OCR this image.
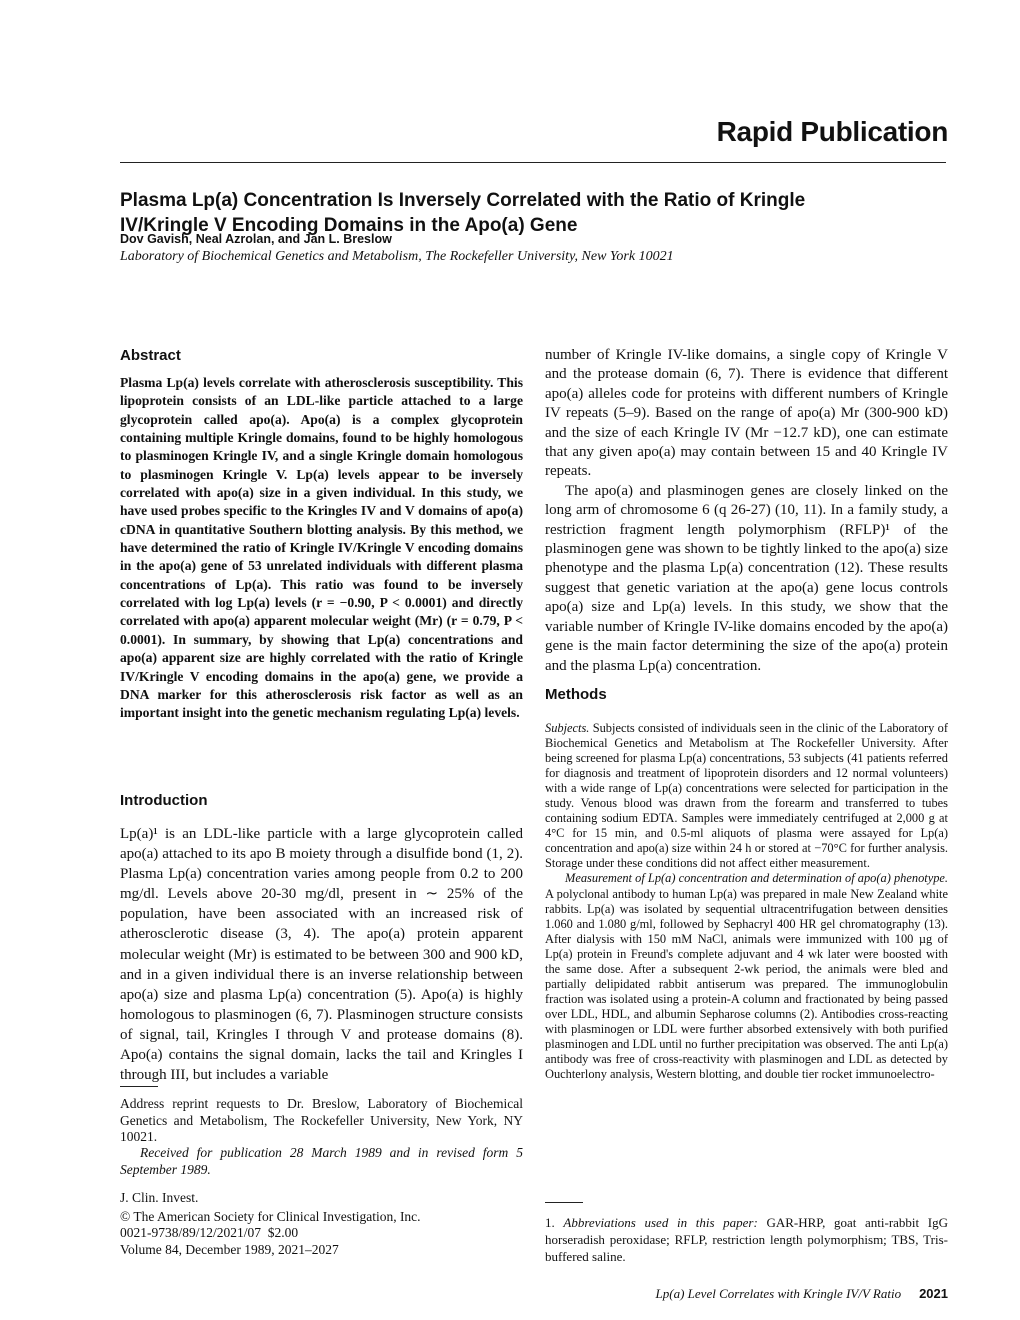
Rapid Publication
Plasma Lp(a) Concentration Is Inversely Correlated with the Ratio of Kringle IV/Kringle V Encoding Domains in the Apo(a) Gene
Dov Gavish, Neal Azrolan, and Jan L. Breslow
Laboratory of Biochemical Genetics and Metabolism, The Rockefeller University, New York 10021
Abstract
Plasma Lp(a) levels correlate with atherosclerosis susceptibility. This lipoprotein consists of an LDL-like particle attached to a large glycoprotein called apo(a). Apo(a) is a complex glycoprotein containing multiple Kringle domains, found to be highly homologous to plasminogen Kringle IV, and a single Kringle domain homologous to plasminogen Kringle V. Lp(a) levels appear to be inversely correlated with apo(a) size in a given individual. In this study, we have used probes specific to the Kringles IV and V domains of apo(a) cDNA in quantitative Southern blotting analysis. By this method, we have determined the ratio of Kringle IV/Kringle V encoding domains in the apo(a) gene of 53 unrelated individuals with different plasma concentrations of Lp(a). This ratio was found to be inversely correlated with log Lp(a) levels (r = −0.90, P < 0.0001) and directly correlated with apo(a) apparent molecular weight (Mr) (r = 0.79, P < 0.0001). In summary, by showing that Lp(a) concentrations and apo(a) apparent size are highly correlated with the ratio of Kringle IV/Kringle V encoding domains in the apo(a) gene, we provide a DNA marker for this atherosclerosis risk factor as well as an important insight into the genetic mechanism regulating Lp(a) levels.
Introduction
Lp(a)¹ is an LDL-like particle with a large glycoprotein called apo(a) attached to its apo B moiety through a disulfide bond (1, 2). Plasma Lp(a) concentration varies among people from 0.2 to 200 mg/dl. Levels above 20-30 mg/dl, present in ∼ 25% of the population, have been associated with an increased risk of atherosclerotic disease (3, 4). The apo(a) protein apparent molecular weight (Mr) is estimated to be between 300 and 900 kD, and in a given individual there is an inverse relationship between apo(a) size and plasma Lp(a) concentration (5). Apo(a) is highly homologous to plasminogen (6, 7). Plasminogen structure consists of signal, tail, Kringles I through V and protease domains (8). Apo(a) contains the signal domain, lacks the tail and Kringles I through III, but includes a variable
Address reprint requests to Dr. Breslow, Laboratory of Biochemical Genetics and Metabolism, The Rockefeller University, New York, NY 10021.
Received for publication 28 March 1989 and in revised form 5 September 1989.
J. Clin. Invest.
© The American Society for Clinical Investigation, Inc.
0021-9738/89/12/2021/07  $2.00
Volume 84, December 1989, 2021–2027
number of Kringle IV-like domains, a single copy of Kringle V and the protease domain (6, 7). There is evidence that different apo(a) alleles code for proteins with different numbers of Kringle IV repeats (5–9). Based on the range of apo(a) Mr (300-900 kD) and the size of each Kringle IV (Mr −12.7 kD), one can estimate that any given apo(a) may contain between 15 and 40 Kringle IV repeats.
The apo(a) and plasminogen genes are closely linked on the long arm of chromosome 6 (q 26-27) (10, 11). In a family study, a restriction fragment length polymorphism (RFLP)¹ of the plasminogen gene was shown to be tightly linked to the apo(a) size phenotype and the plasma Lp(a) concentration (12). These results suggest that genetic variation at the apo(a) gene locus controls apo(a) size and Lp(a) levels. In this study, we show that the variable number of Kringle IV-like domains encoded by the apo(a) gene is the main factor determining the size of the apo(a) protein and the plasma Lp(a) concentration.
Methods

Subjects. Subjects consisted of individuals seen in the clinic of the Laboratory of Biochemical Genetics and Metabolism at The Rockefeller University. After being screened for plasma Lp(a) concentrations, 53 subjects (41 patients referred for diagnosis and treatment of lipoprotein disorders and 12 normal volunteers) with a wide range of Lp(a) concentrations were selected for participation in the study. Venous blood was drawn from the forearm and transferred to tubes containing sodium EDTA. Samples were immediately centrifuged at 2,000 g at 4°C for 15 min, and 0.5-ml aliquots of plasma were assayed for Lp(a) concentration and apo(a) size within 24 h or stored at −70°C for further analysis. Storage under these conditions did not affect either measurement.

Measurement of Lp(a) concentration and determination of apo(a) phenotype. A polyclonal antibody to human Lp(a) was prepared in male New Zealand white rabbits. Lp(a) was isolated by sequential ultracentrifugation between densities 1.060 and 1.080 g/ml, followed by Sephacryl 400 HR gel chromatography (13). After dialysis with 150 mM NaCl, animals were immunized with 100 µg of Lp(a) protein in Freund's complete adjuvant and 4 wk later were boosted with the same dose. After a subsequent 2-wk period, the animals were bled and partially delipidated rabbit antiserum was prepared. The immunoglobulin fraction was isolated using a protein-A column and fractionated by being passed over LDL, HDL, and albumin Sepharose columns (2). Antibodies cross-reacting with plasminogen or LDL were further absorbed extensively with both purified plasminogen and LDL until no further precipitation was observed. The anti Lp(a) antibody was free of cross-reactivity with plasminogen and LDL as detected by Ouchterlony analysis, Western blotting, and double tier rocket immunoelectro-

1. Abbreviations used in this paper: GAR-HRP, goat anti-rabbit IgG horseradish peroxidase; RFLP, restriction length polymorphism; TBS, Tris-buffered saline.
Lp(a) Level Correlates with Kringle IV/V Ratio 2021
